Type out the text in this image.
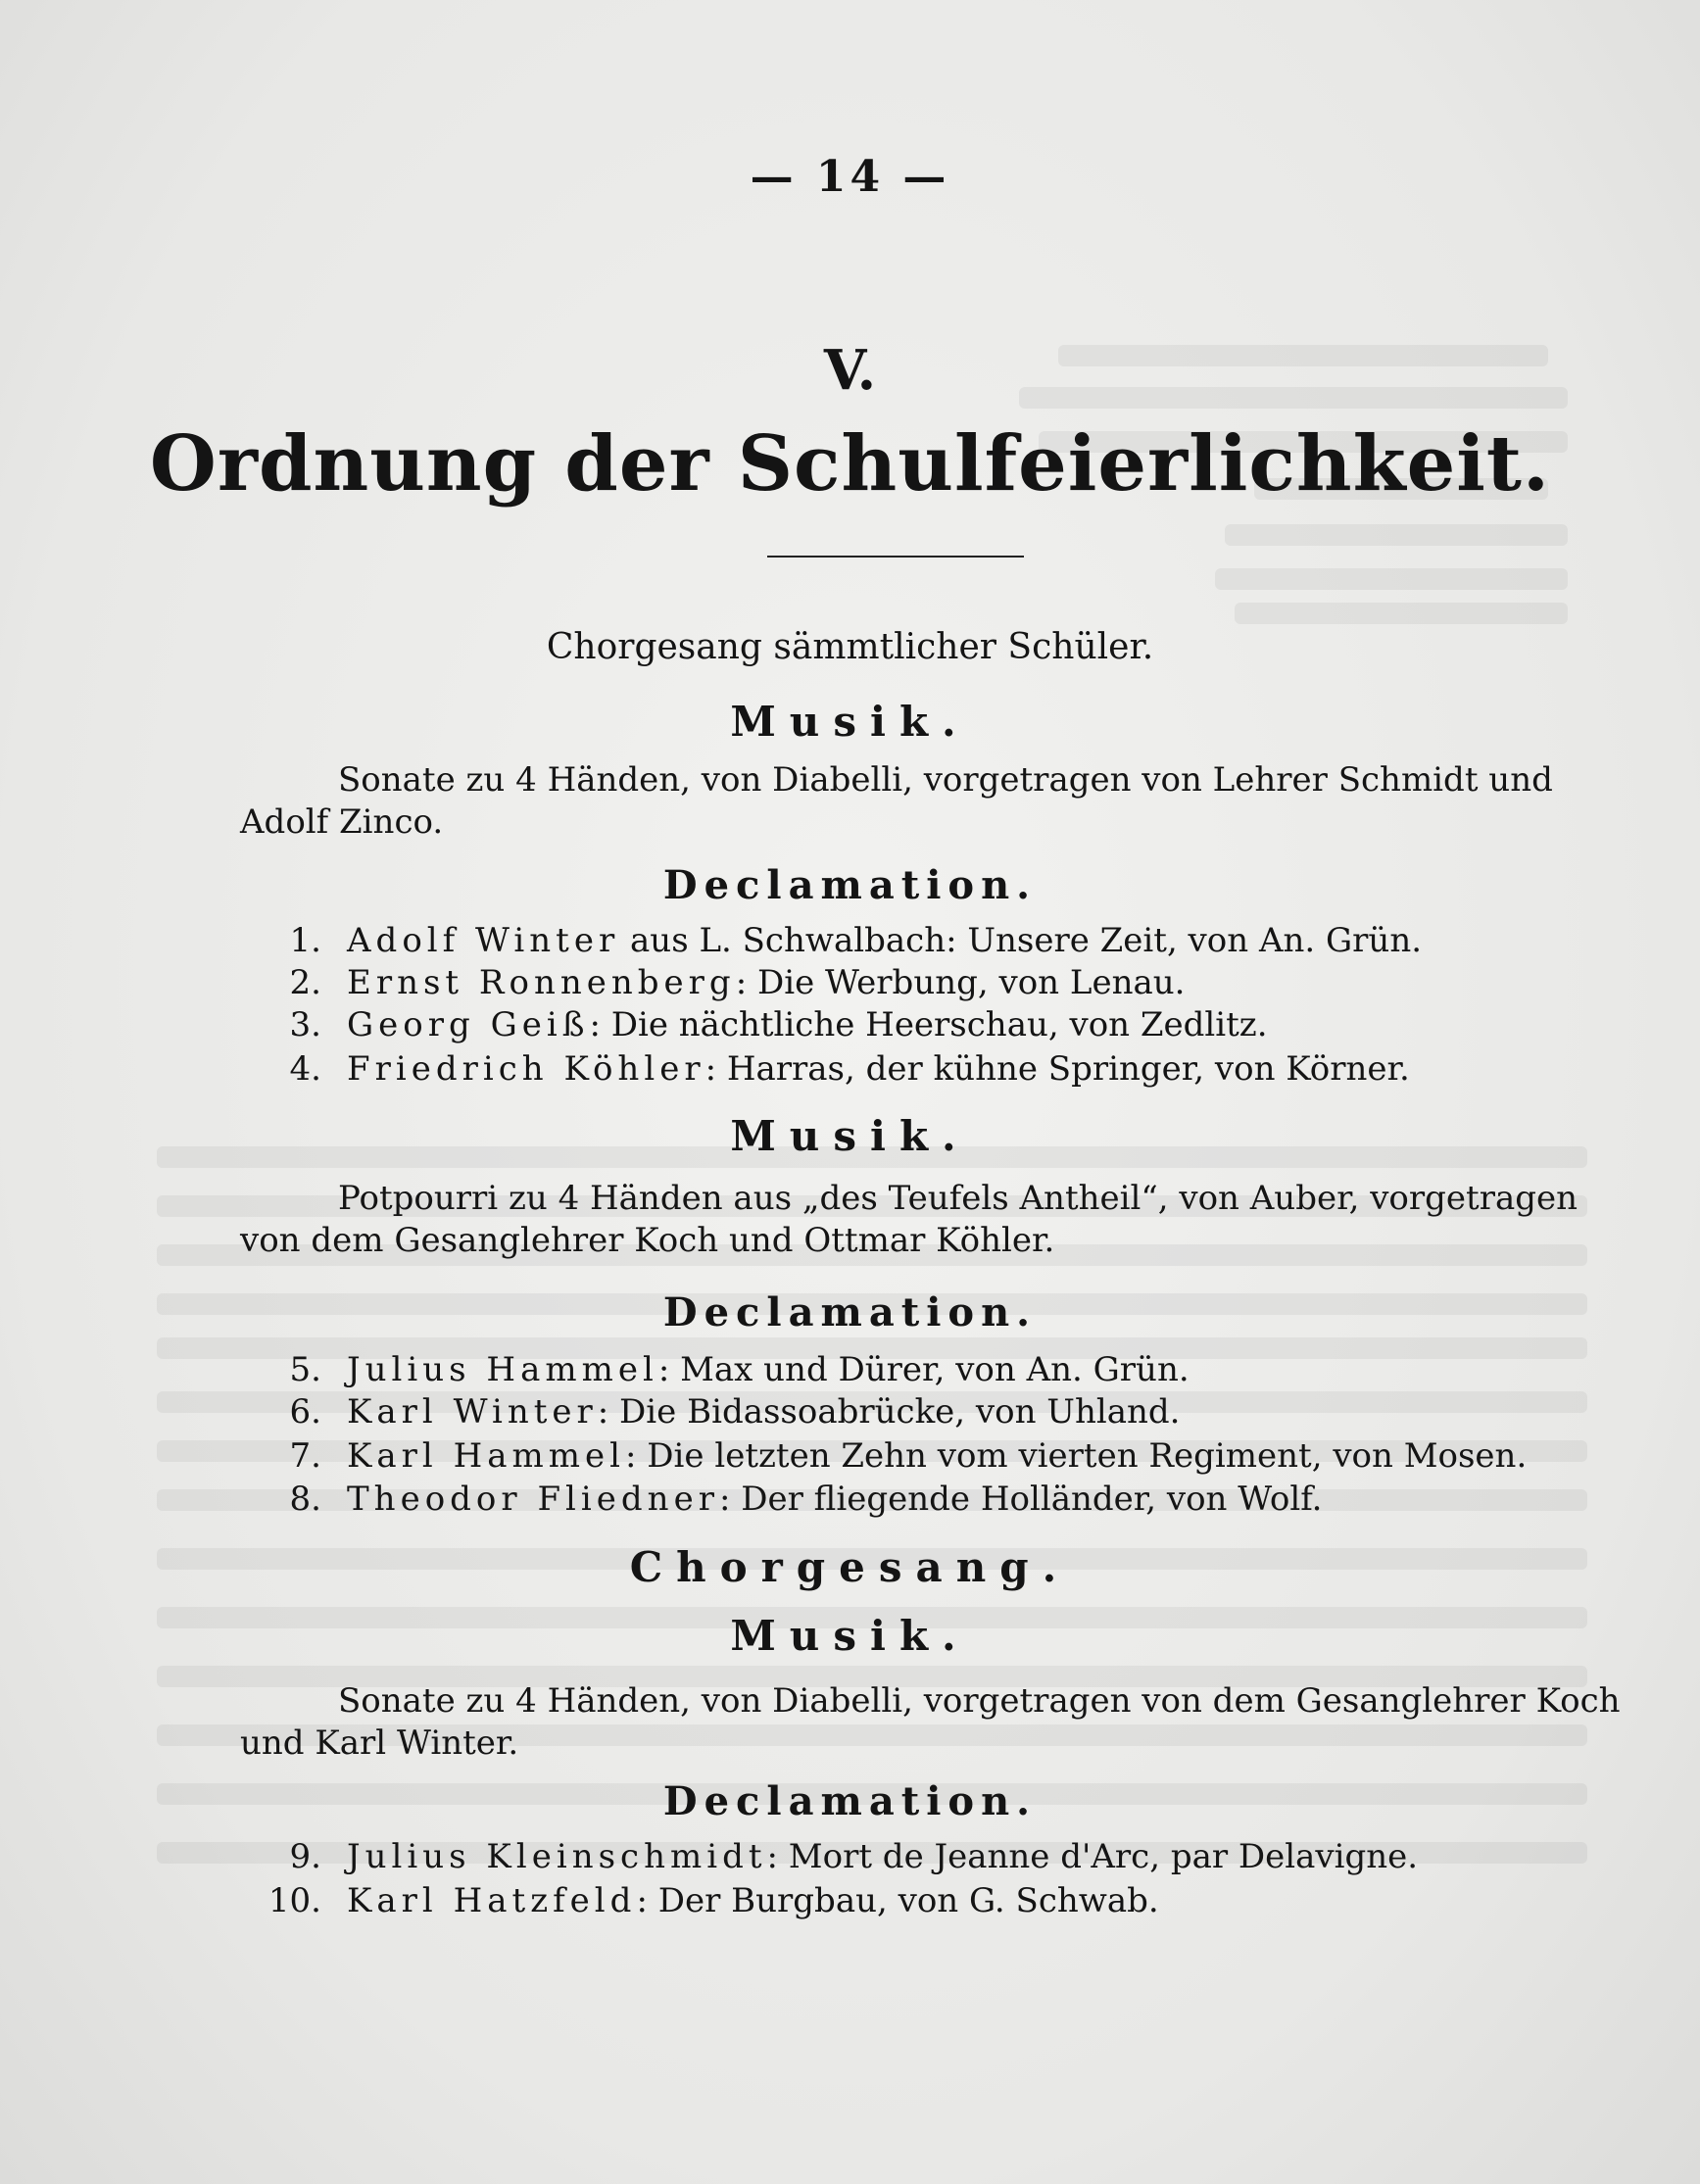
— 14 —
V.
Ordnung der Schulfeierlichkeit.
Chorgesang sämmtlicher Schüler.
Musik.
Sonate zu 4 Händen, von Diabelli, vorgetragen von Lehrer Schmidt und
Adolf Zinco.
Declamation.
1. Adolf Winter aus L. Schwalbach: Unsere Zeit, von An. Grün.
2. Ernst Ronnenberg: Die Werbung, von Lenau.
3. Georg Geiß: Die nächtliche Heerschau, von Zedlitz.
4. Friedrich Köhler: Harras, der kühne Springer, von Körner.
Musik.
Potpourri zu 4 Händen aus „des Teufels Antheil“, von Auber, vorgetragen
von dem Gesanglehrer Koch und Ottmar Köhler.
Declamation.
5. Julius Hammel: Max und Dürer, von An. Grün.
6. Karl Winter: Die Bidassoabrücke, von Uhland.
7. Karl Hammel: Die letzten Zehn vom vierten Regiment, von Mosen.
8. Theodor Fliedner: Der fliegende Holländer, von Wolf.
Chorgesang.
Musik.
Sonate zu 4 Händen, von Diabelli, vorgetragen von dem Gesanglehrer Koch
und Karl Winter.
Declamation.
9. Julius Kleinschmidt: Mort de Jeanne d'Arc, par Delavigne.
10. Karl Hatzfeld: Der Burgbau, von G. Schwab.
